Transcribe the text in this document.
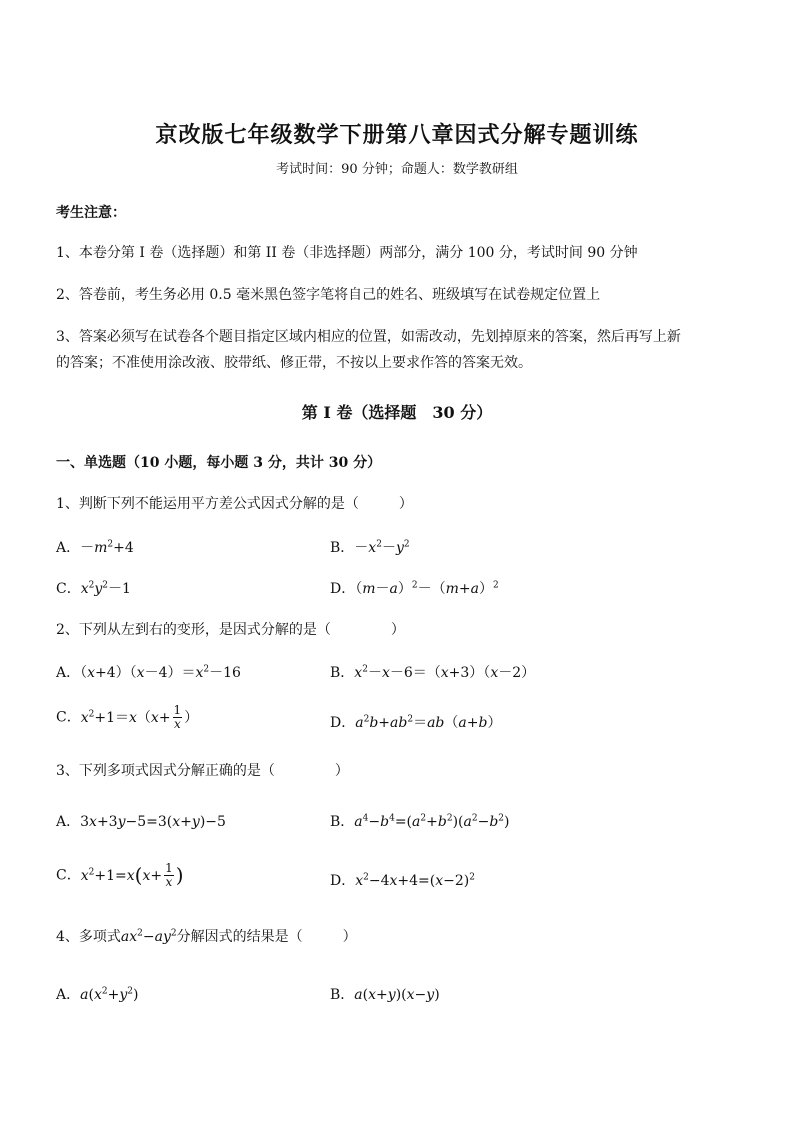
京改版七年级数学下册第八章因式分解专题训练
考试时间：90 分钟；命题人：数学教研组
考生注意：
1、本卷分第 I 卷（选择题）和第 II 卷（非选择题）两部分，满分 100 分，考试时间 90 分钟
2、答卷前，考生务必用 0.5 毫米黑色签字笔将自己的姓名、班级填写在试卷规定位置上
3、答案必须写在试卷各个题目指定区域内相应的位置，如需改动，先划掉原来的答案，然后再写上新
的答案；不准使用涂改液、胶带纸、修正带，不按以上要求作答的答案无效。
第 I 卷（选择题　30 分）
一、单选题（10 小题，每小题 3 分，共计 30 分）
1、判断下列不能运用平方差公式因式分解的是（	）
A．$-m^2+4$	B．$-x^2-y^2$
C．$x^2y^2-1$	D．$(m-a)^2-(m+a)^2$
2、下列从左到右的变形，是因式分解的是（	）
A．$(x+4)(x-4)=x^2-16$	B．$x^2-x-6=(x+3)(x-2)$
C．$x^2+1=x(x+ \frac{1}{x}$ ）	D．$a^2b+ab^2=ab(a+b)$
3、下列多项式因式分解正确的是（	）
A．3x+3y−5=3(x+y)−5	B．$a^4-b^4=(a^2+b^2)(a^2-b^2)$
C．$x^2+1=x(x+ \frac{1}{x}$ )	D．$x^2-4x+4=(x-2)^2$
4、多项式$ax^2-ay^2$分解因式的结果是（	）
A．$a(x^2+y^2)$	B．a(x+y)(x−y)
